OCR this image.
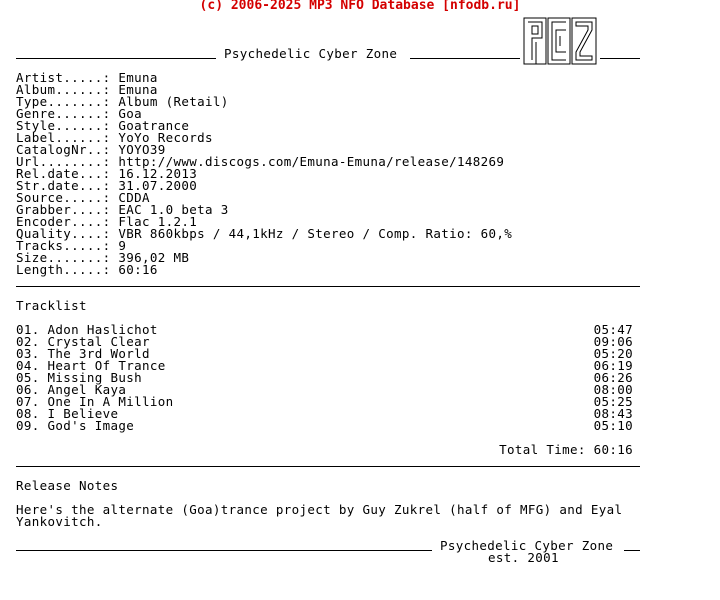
(c) 2006-2025 MP3 NFO Database [nfodb.ru]
Psychedelic Cyber Zone
Artist.....: Emuna
Album......: Emuna
Type.......: Album (Retail)
Genre......: Goa
Style......: Goatrance
Label......: YoYo Records
CatalogNr..: YOYO39
Url........: http://www.discogs.com/Emuna-Emuna/release/148269
Rel.date...: 16.12.2013
Str.date...: 31.07.2000
Source.....: CDDA
Grabber....: EAC 1.0 beta 3
Encoder....: Flac 1.2.1
Quality....: VBR 860kbps / 44,1kHz / Stereo / Comp. Ratio: 60,%
Tracks.....: 9
Size.......: 396,02 MB
Length.....: 60:16
Tracklist
01. Adon Haslichot	05:47
02. Crystal Clear	09:06
03. The 3rd World	05:20
04. Heart Of Trance	06:19
05. Missing Bush	06:26
06. Angel Kaya	08:00
07. One In A Million	05:25
08. I Believe	08:43
09. God's Image	05:10
Total Time: 60:16
Release Notes
Here's the alternate (Goa)trance project by Guy Zukrel (half of MFG) and Eyal
Yankovitch.
Psychedelic Cyber Zone
est. 2001
